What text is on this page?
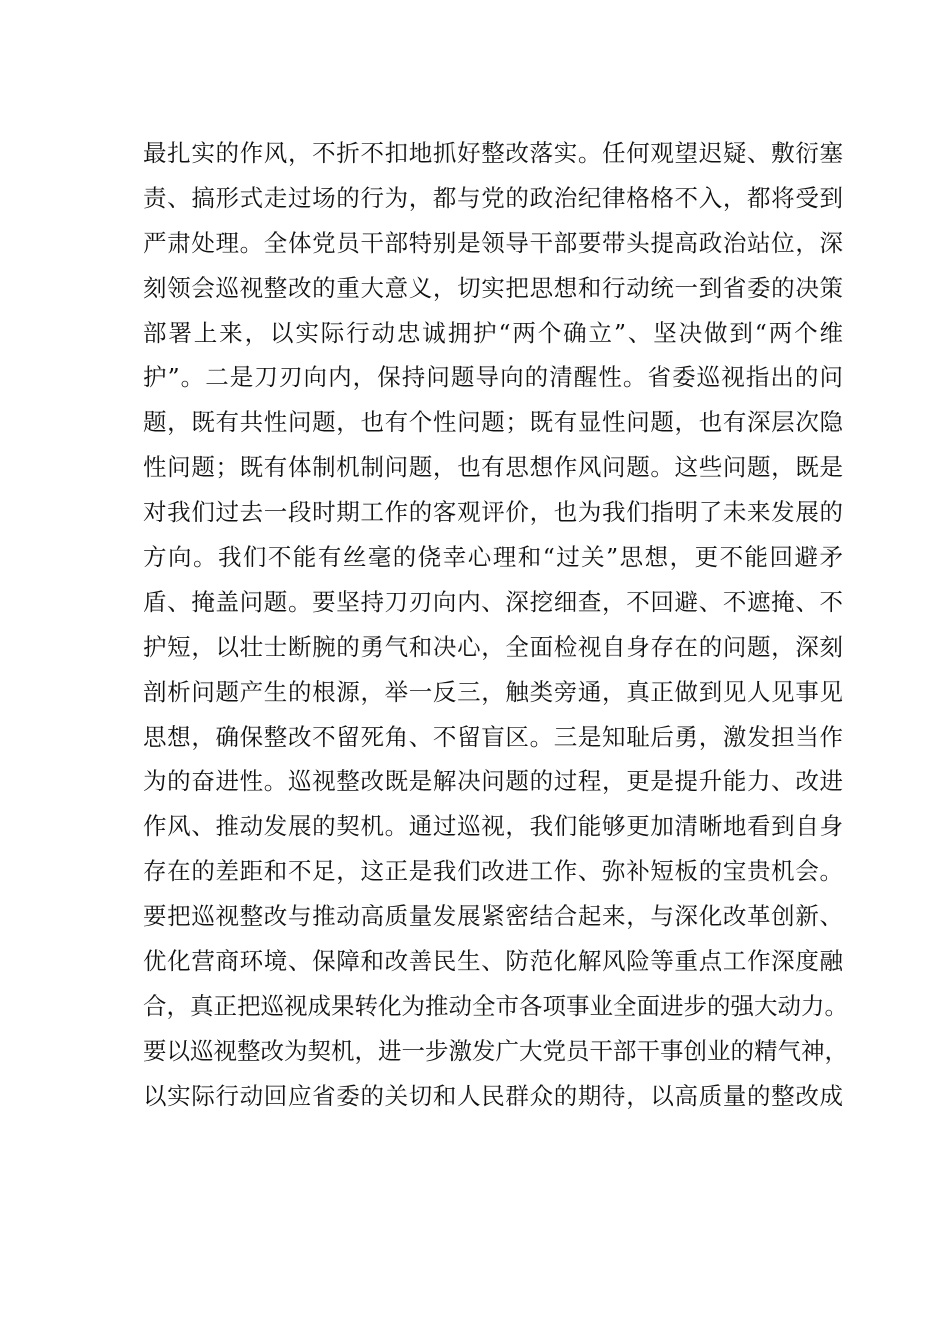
最扎实的作风，不折不扣地抓好整改落实。任何观望迟疑、敷衍塞
责、搞形式走过场的行为，都与党的政治纪律格格不入，都将受到
严肃处理。全体党员干部特别是领导干部要带头提高政治站位，深
刻领会巡视整改的重大意义，切实把思想和行动统一到省委的决策
部署上来，以实际行动忠诚拥护“两个确立”、坚决做到“两个维
护”。二是刀刃向内，保持问题导向的清醒性。省委巡视指出的问
题，既有共性问题，也有个性问题；既有显性问题，也有深层次隐
性问题；既有体制机制问题，也有思想作风问题。这些问题，既是
对我们过去一段时期工作的客观评价，也为我们指明了未来发展的
方向。我们不能有丝毫的侥幸心理和“过关”思想，更不能回避矛
盾、掩盖问题。要坚持刀刃向内、深挖细查，不回避、不遮掩、不
护短，以壮士断腕的勇气和决心，全面检视自身存在的问题，深刻
剖析问题产生的根源，举一反三，触类旁通，真正做到见人见事见
思想，确保整改不留死角、不留盲区。三是知耻后勇，激发担当作
为的奋进性。巡视整改既是解决问题的过程，更是提升能力、改进
作风、推动发展的契机。通过巡视，我们能够更加清晰地看到自身
存在的差距和不足，这正是我们改进工作、弥补短板的宝贵机会。
要把巡视整改与推动高质量发展紧密结合起来，与深化改革创新、
优化营商环境、保障和改善民生、防范化解风险等重点工作深度融
合，真正把巡视成果转化为推动全市各项事业全面进步的强大动力。
要以巡视整改为契机，进一步激发广大党员干部干事创业的精气神，
以实际行动回应省委的关切和人民群众的期待，以高质量的整改成
